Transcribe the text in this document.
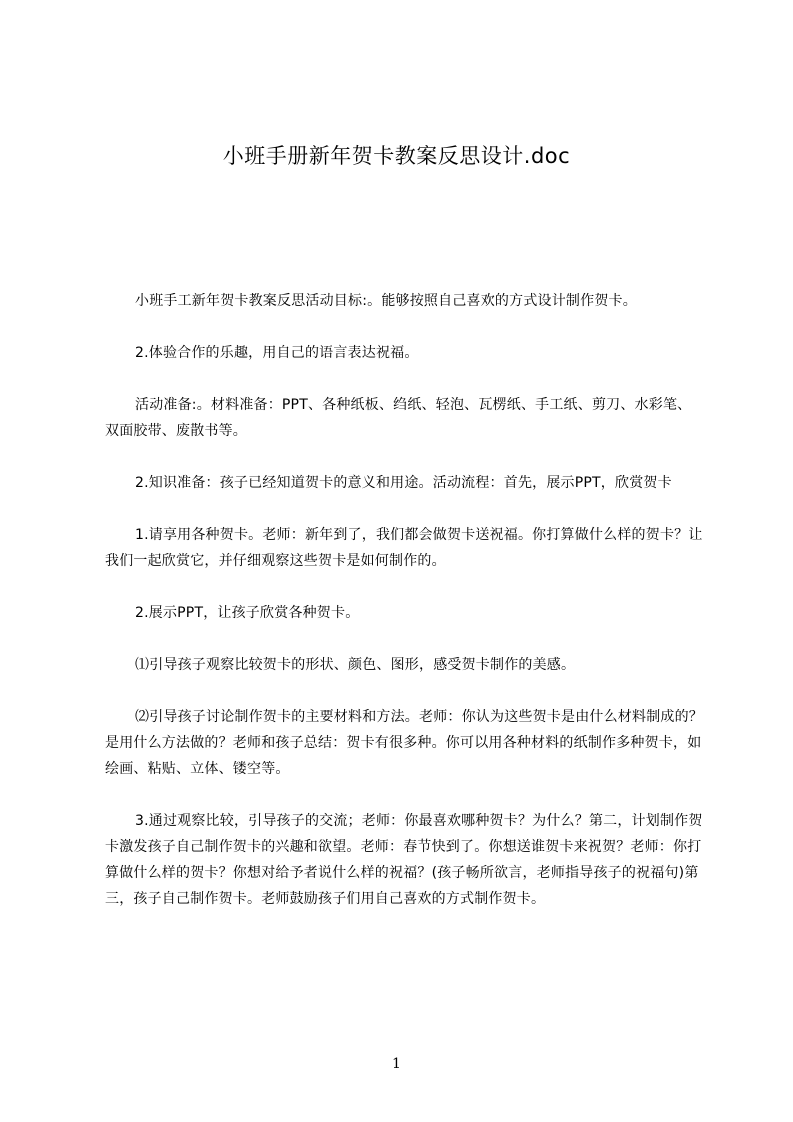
小班手册新年贺卡教案反思设计.doc

小班手工新年贺卡教案反思活动目标:。能够按照自己喜欢的方式设计制作贺卡。

2.体验合作的乐趣，用自己的语言表达祝福。

活动准备:。材料准备：PPT、各种纸板、绉纸、轻泡、瓦楞纸、手工纸、剪刀、水彩笔、双面胶带、废散书等。

2.知识准备：孩子已经知道贺卡的意义和用途。活动流程：首先，展示PPT，欣赏贺卡

1.请享用各种贺卡。老师：新年到了，我们都会做贺卡送祝福。你打算做什么样的贺卡？让我们一起欣赏它，并仔细观察这些贺卡是如何制作的。

2.展示PPT，让孩子欣赏各种贺卡。

⑴引导孩子观察比较贺卡的形状、颜色、图形，感受贺卡制作的美感。

⑵引导孩子讨论制作贺卡的主要材料和方法。老师：你认为这些贺卡是由什么材料制成的？是用什么方法做的？老师和孩子总结：贺卡有很多种。你可以用各种材料的纸制作多种贺卡，如绘画、粘贴、立体、镂空等。

3.通过观察比较，引导孩子的交流；老师：你最喜欢哪种贺卡？为什么？第二，计划制作贺卡激发孩子自己制作贺卡的兴趣和欲望。老师：春节快到了。你想送谁贺卡来祝贺？老师：你打算做什么样的贺卡？你想对给予者说什么样的祝福？(孩子畅所欲言，老师指导孩子的祝福句)第三，孩子自己制作贺卡。老师鼓励孩子们用自己喜欢的方式制作贺卡。

1
